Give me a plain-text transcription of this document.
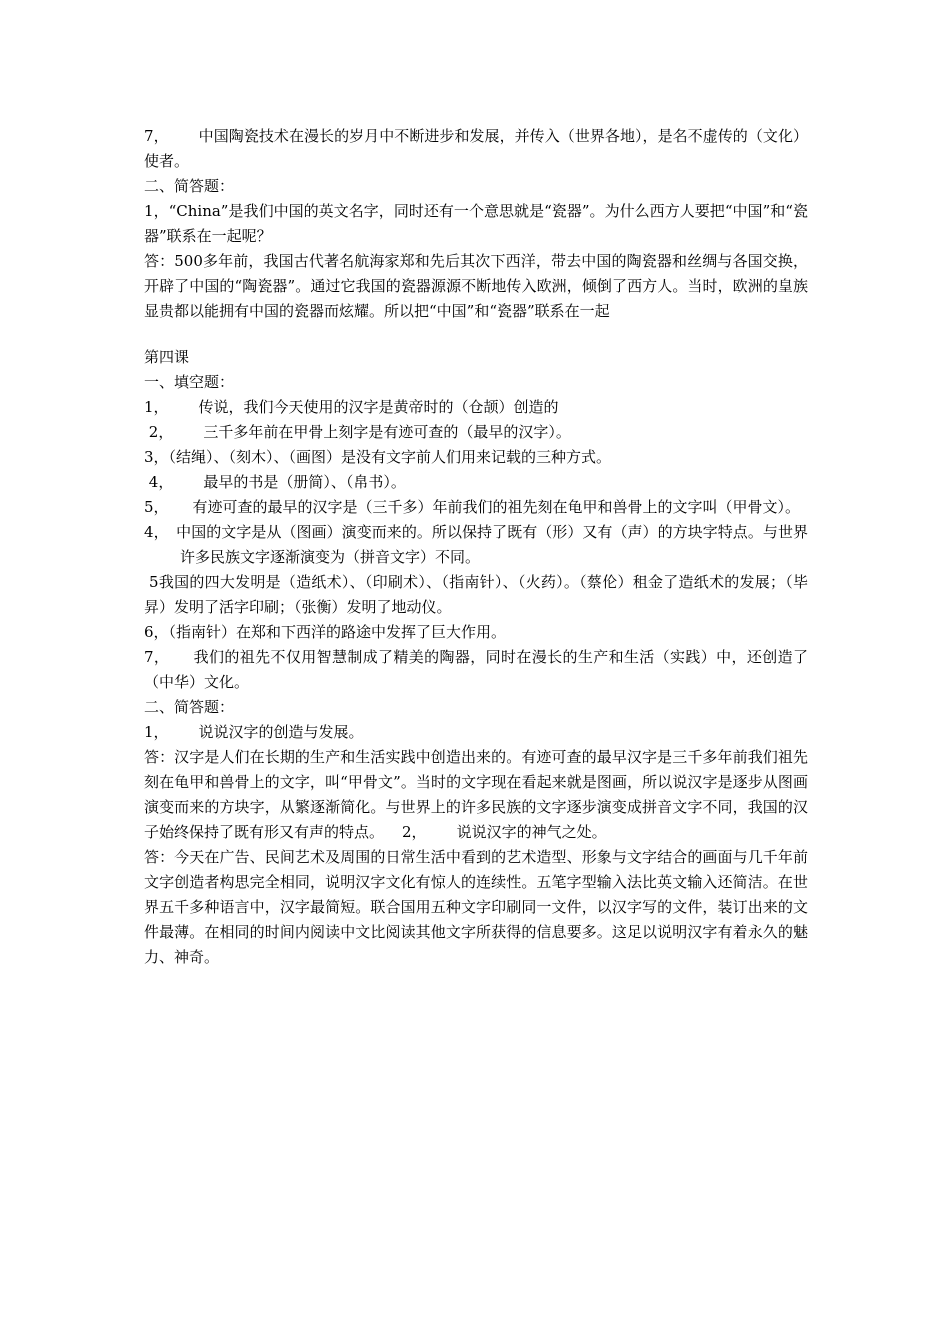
7， 中国陶瓷技术在漫长的岁月中不断进步和发展，并传入（世界各地），是名不虚传的（文化）使者。

二、简答题：

1，“China”是我们中国的英文名字，同时还有一个意思就是“瓷器”。为什么西方人要把“中国”和“瓷器”联系在一起呢？

答：500多年前，我国古代著名航海家郑和先后其次下西洋，带去中国的陶瓷器和丝绸与各国交换，开辟了中国的“陶瓷器”。通过它我国的瓷器源源不断地传入欧洲，倾倒了西方人。当时，欧洲的皇族显贵都以能拥有中国的瓷器而炫耀。所以把“中国”和“瓷器”联系在一起

第四课

一、填空题：

1， 传说，我们今天使用的汉字是黄帝时的（仓颉）创造的

2， 三千多年前在甲骨上刻字是有迹可查的（最早的汉字）。

3，（结绳）、（刻木）、（画图）是没有文字前人们用来记载的三种方式。

4， 最早的书是（册简）、（帛书）。

5， 有迹可查的最早的汉字是（三千多）年前我们的祖先刻在龟甲和兽骨上的文字叫（甲骨文）。

4，　中国的文字是从（图画）演变而来的。所以保持了既有（形）又有（声）的方块字特点。与世界许多民族文字逐渐演变为（拼音文字）不同。

5我国的四大发明是（造纸术）、（印刷术）、（指南针）、（火药）。（蔡伦）租金了造纸术的发展；（毕昇）发明了活字印刷；（张衡）发明了地动仪。

6，（指南针）在郑和下西洋的路途中发挥了巨大作用。

7， 我们的祖先不仅用智慧制成了精美的陶器，同时在漫长的生产和生活（实践）中，还创造了（中华）文化。

二、简答题：

1， 说说汉字的创造与发展。

答：汉字是人们在长期的生产和生活实践中创造出来的。有迹可查的最早汉字是三千多年前我们祖先刻在龟甲和兽骨上的文字，叫“甲骨文”。当时的文字现在看起来就是图画，所以说汉字是逐步从图画演变而来的方块字，从繁逐渐简化。与世界上的许多民族的文字逐步演变成拼音文字不同，我国的汉子始终保持了既有形又有声的特点。 2， 说说汉字的神气之处。

答：今天在广告、民间艺术及周围的日常生活中看到的艺术造型、形象与文字结合的画面与几千年前文字创造者构思完全相同，说明汉字文化有惊人的连续性。五笔字型输入法比英文输入还简洁。在世界五千多种语言中，汉字最简短。联合国用五种文字印刷同一文件，以汉字写的文件，装订出来的文件最薄。在相同的时间内阅读中文比阅读其他文字所获得的信息要多。这足以说明汉字有着永久的魅力、神奇。
